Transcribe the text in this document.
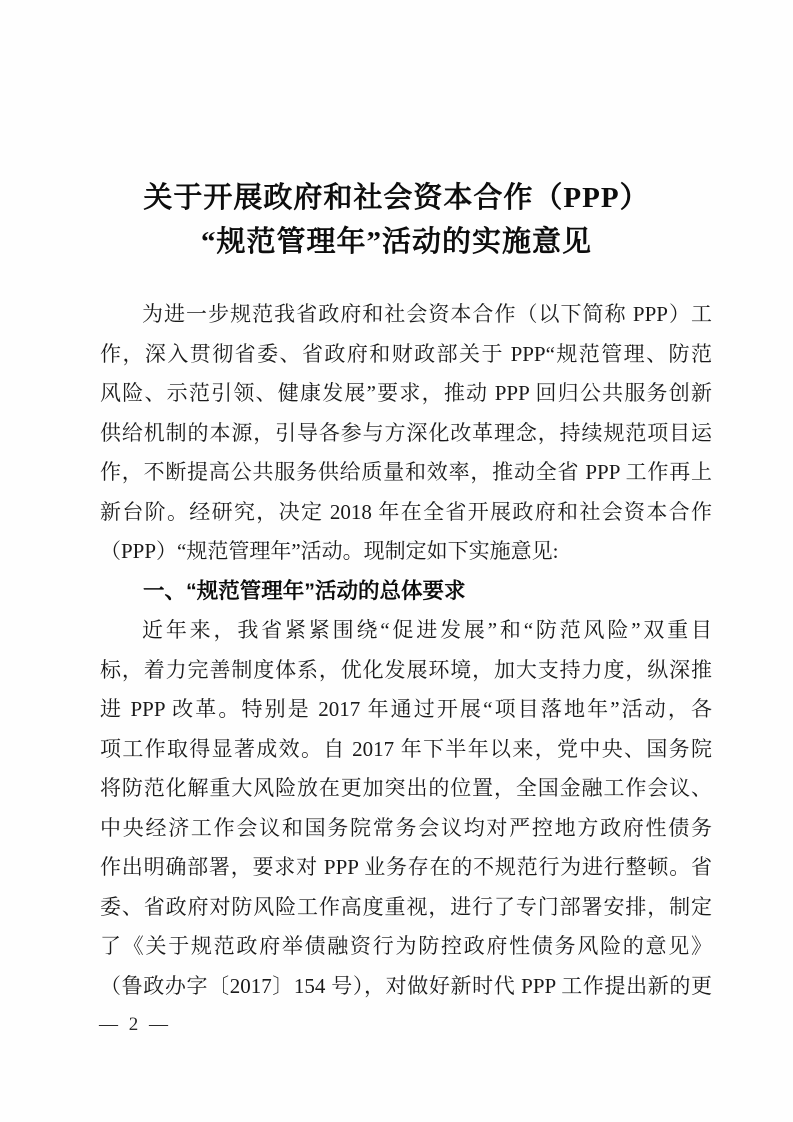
关于开展政府和社会资本合作（PPP）
“规范管理年”活动的实施意见
为进一步规范我省政府和社会资本合作（以下简称 PPP）工
作，深入贯彻省委、省政府和财政部关于 PPP“规范管理、防范
风险、示范引领、健康发展”要求，推动 PPP 回归公共服务创新
供给机制的本源，引导各参与方深化改革理念，持续规范项目运
作，不断提高公共服务供给质量和效率，推动全省 PPP 工作再上
新台阶。经研究，决定 2018 年在全省开展政府和社会资本合作
（PPP）“规范管理年”活动。现制定如下实施意见:
一、“规范管理年”活动的总体要求
近年来，我省紧紧围绕“促进发展”和“防范风险”双重目
标，着力完善制度体系，优化发展环境，加大支持力度，纵深推
进 PPP 改革。特别是 2017 年通过开展“项目落地年”活动，各
项工作取得显著成效。自 2017 年下半年以来，党中央、国务院
将防范化解重大风险放在更加突出的位置，全国金融工作会议、
中央经济工作会议和国务院常务会议均对严控地方政府性债务
作出明确部署，要求对 PPP 业务存在的不规范行为进行整顿。省
委、省政府对防风险工作高度重视，进行了专门部署安排，制定
了《关于规范政府举债融资行为防控政府性债务风险的意见》
（鲁政办字〔2017〕154 号），对做好新时代 PPP 工作提出新的更
— 2 —
